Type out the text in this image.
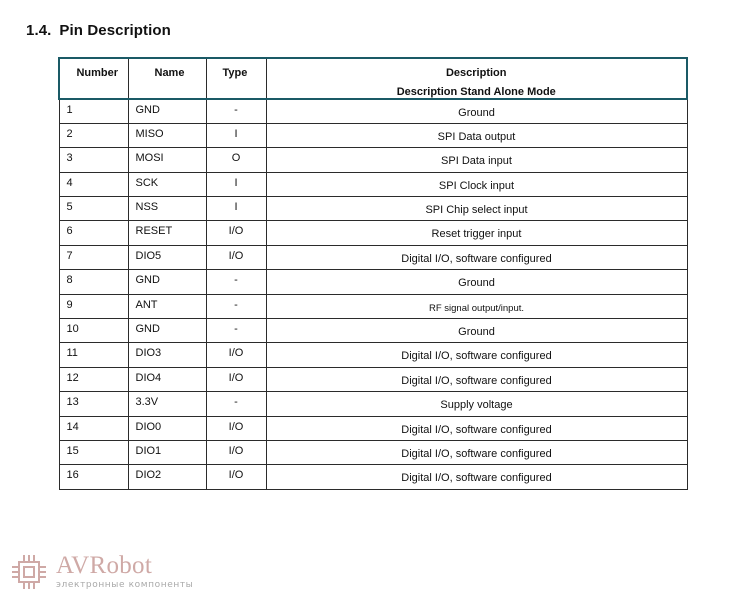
1.4. Pin Description
Number	Name	Type	Description
Description Stand Alone Mode

1	GND	-	Ground
2	MISO	I	SPI Data output
3	MOSI	O	SPI Data input
4	SCK	I	SPI Clock input
5	NSS	I	SPI Chip select input
6	RESET	I/O	Reset trigger input
7	DIO5	I/O	Digital I/O, software configured
8	GND	-	Ground
9	ANT	-	RF signal output/input.
10	GND	-	Ground
11	DIO3	I/O	Digital I/O, software configured
12	DIO4	I/O	Digital I/O, software configured
13	3.3V	-	Supply voltage
14	DIO0	I/O	Digital I/O, software configured
15	DIO1	I/O	Digital I/O, software configured
16	DIO2	I/O	Digital I/O, software configured
AVRobot
электронные компоненты
